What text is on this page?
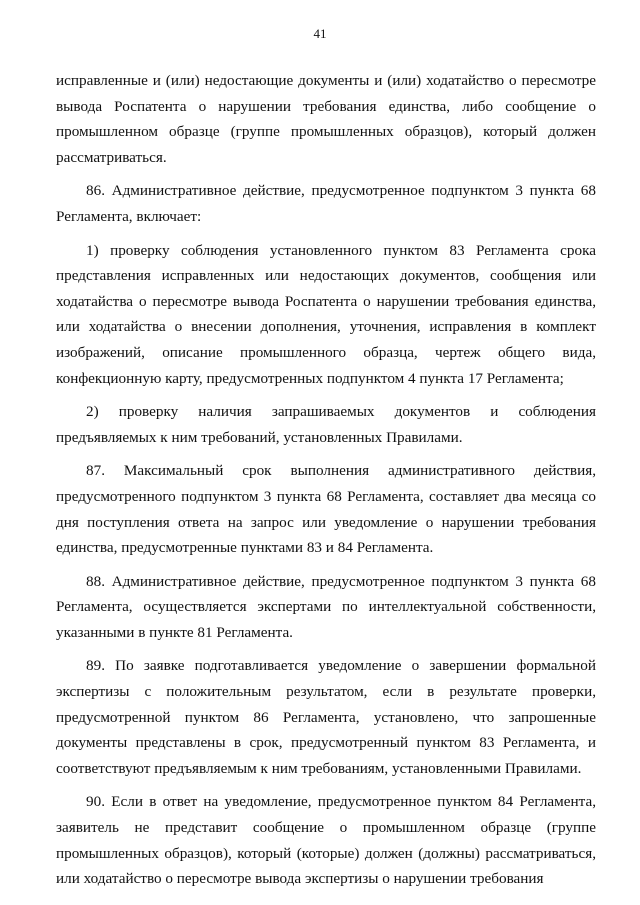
41

исправленные и (или) недостающие документы и (или) ходатайство о пересмотре вывода Роспатента о нарушении требования единства, либо сообщение о промышленном образце (группе промышленных образцов), который должен рассматриваться.

86. Административное действие, предусмотренное подпунктом 3 пункта 68 Регламента, включает:

1) проверку соблюдения установленного пунктом 83 Регламента срока представления исправленных или недостающих документов, сообщения или ходатайства о пересмотре вывода Роспатента о нарушении требования единства, или ходатайства о внесении дополнения, уточнения, исправления в комплект изображений, описание промышленного образца, чертеж общего вида, конфекционную карту, предусмотренных подпунктом 4 пункта 17 Регламента;

2) проверку наличия запрашиваемых документов и соблюдения предъявляемых к ним требований, установленных Правилами.

87. Максимальный срок выполнения административного действия, предусмотренного подпунктом 3 пункта 68 Регламента, составляет два месяца со дня поступления ответа на запрос или уведомление о нарушении требования единства, предусмотренные пунктами 83 и 84 Регламента.

88. Административное действие, предусмотренное подпунктом 3 пункта 68 Регламента, осуществляется экспертами по интеллектуальной собственности, указанными в пункте 81 Регламента.

89. По заявке подготавливается уведомление о завершении формальной экспертизы с положительным результатом, если в результате проверки, предусмотренной пунктом 86 Регламента, установлено, что запрошенные документы представлены в срок, предусмотренный пунктом 83 Регламента, и соответствуют предъявляемым к ним требованиям, установленными Правилами.

90. Если в ответ на уведомление, предусмотренное пунктом 84 Регламента, заявитель не представит сообщение о промышленном образце (группе промышленных образцов), который (которые) должен (должны) рассматриваться, или ходатайство о пересмотре вывода экспертизы о нарушении требования
